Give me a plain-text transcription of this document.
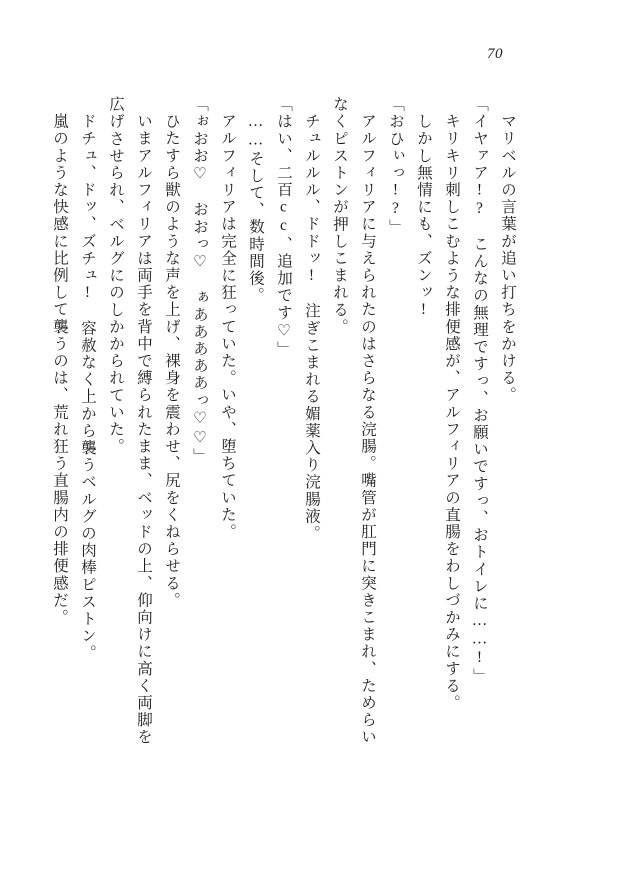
70
マリベルの言葉が追い打ちをかける。
「イヤァア!?　こんなの無理ですっ、お願いですっ、おトイレに……!」
キリキリ刺しこむような排便感が、アルフィリアの直腸をわしづかみにする。
しかし無情にも、ズンッ!
「おひぃっ!?」
アルフィリアに与えられたのはさらなる浣腸。嘴管が肛門に突きこまれ、ためらい
なくピストンが押しこまれる。
チュルルル、ドドッ!　注ぎこまれる媚薬入り浣腸液。
「はい、二百cc、追加です♡」
……そして、数時間後。
アルフィリアは完全に狂っていた。いや、堕ちていた。
「ぉおお♡　おおっ♡　ぁあああああっ♡♡」
ひたすら獣のような声を上げ、裸身を震わせ、尻をくねらせる。
いまアルフィリアは両手を背中で縛られたまま、ベッドの上、仰向けに高く両脚を
広げさせられ、ベルグにのしかかられていた。
ドチュ、ドッ、ズチュ!　容赦なく上から襲うベルグの肉棒ピストン。
嵐のような快感に比例して襲うのは、荒れ狂う直腸内の排便感だ。
